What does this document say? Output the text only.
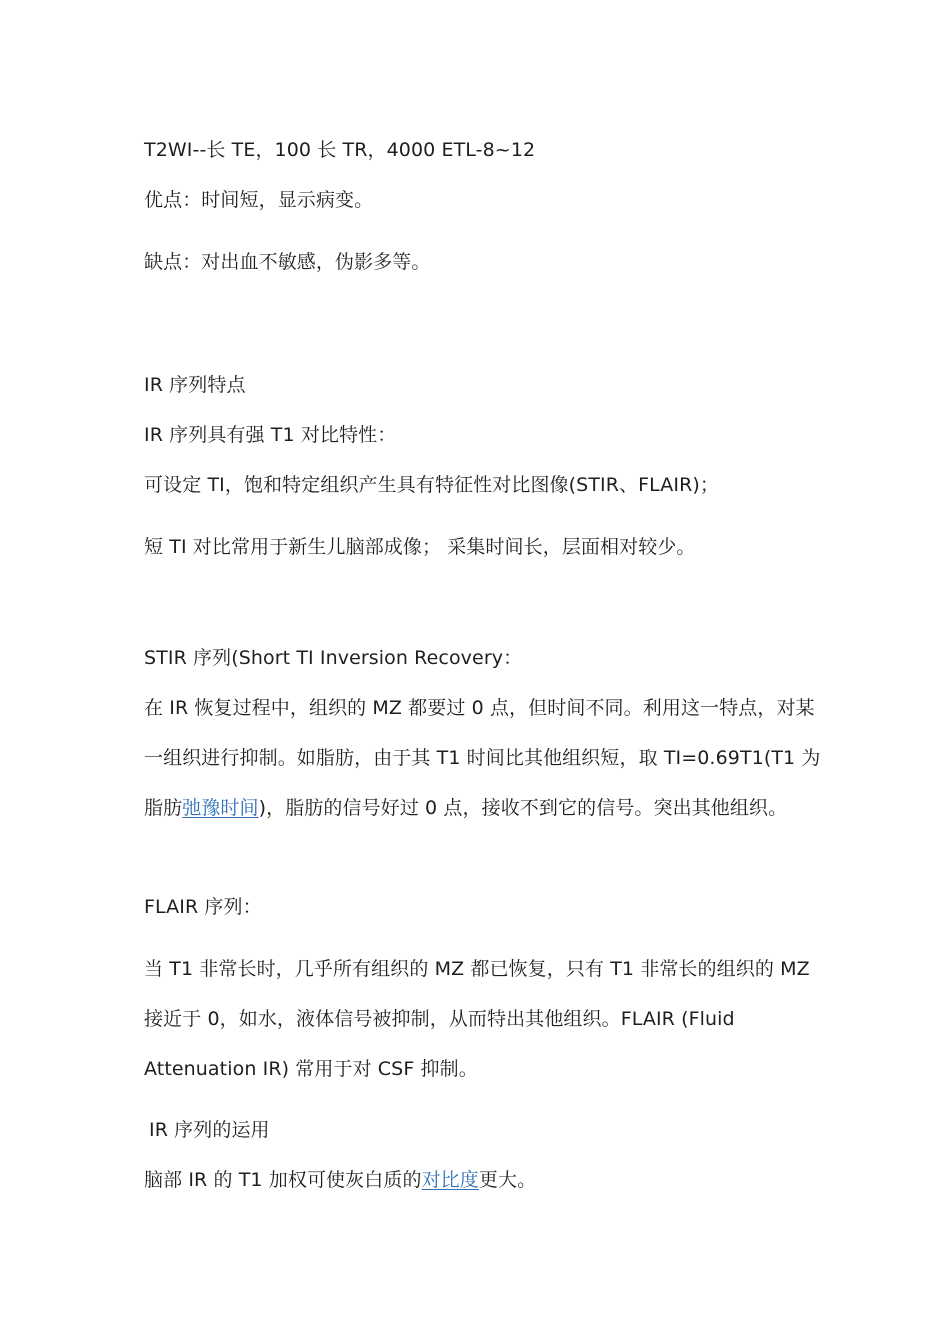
T2WI--长 TE，100 长 TR，4000 ETL-8~12
优点：时间短，显示病变。
缺点：对出血不敏感，伪影多等。
IR 序列特点
IR 序列具有强 T1 对比特性：
可设定 TI，饱和特定组织产生具有特征性对比图像(STIR、FLAIR)；
短 TI 对比常用于新生儿脑部成像； 采集时间长，层面相对较少。
STIR 序列(Short TI Inversion Recovery：
在 IR 恢复过程中，组织的 MZ 都要过 0 点，但时间不同。利用这一特点，对某
一组织进行抑制。如脂肪，由于其 T1 时间比其他组织短，取 TI=0.69T1(T1 为
脂肪弛豫时间)，脂肪的信号好过 0 点，接收不到它的信号。突出其他组织。
FLAIR 序列：
当 T1 非常长时，几乎所有组织的 MZ 都已恢复，只有 T1 非常长的组织的 MZ
接近于 0，如水，液体信号被抑制，从而特出其他组织。FLAIR (Fluid
Attenuation IR) 常用于对 CSF 抑制。
IR 序列的运用
脑部 IR 的 T1 加权可使灰白质的对比度更大。
